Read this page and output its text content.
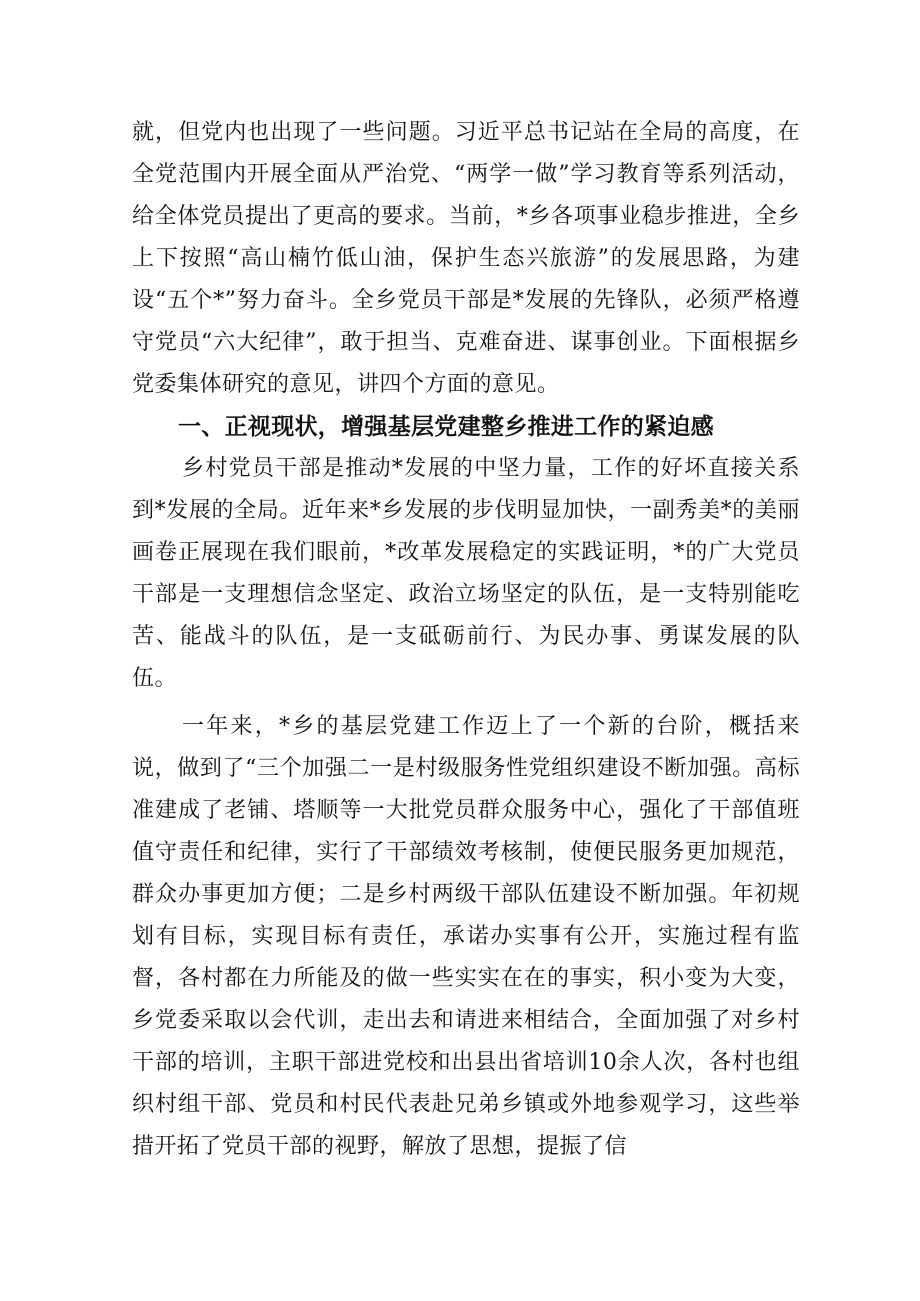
就，但党内也出现了一些问题。习近平总书记站在全局的高度，在全党范围内开展全面从严治党、“两学一做”学习教育等系列活动，给全体党员提出了更高的要求。当前，*乡各项事业稳步推进，全乡上下按照“高山楠竹低山油，保护生态兴旅游”的发展思路，为建设“五个*”努力奋斗。全乡党员干部是*发展的先锋队，必须严格遵守党员“六大纪律”，敢于担当、克难奋进、谋事创业。下面根据乡党委集体研究的意见，讲四个方面的意见。

一、正视现状，增强基层党建整乡推进工作的紧迫感

乡村党员干部是推动*发展的中坚力量，工作的好坏直接关系到*发展的全局。近年来*乡发展的步伐明显加快，一副秀美*的美丽画卷正展现在我们眼前，*改革发展稳定的实践证明，*的广大党员干部是一支理想信念坚定、政治立场坚定的队伍，是一支特别能吃苦、能战斗的队伍，是一支砥砺前行、为民办事、勇谋发展的队伍。

一年来，*乡的基层党建工作迈上了一个新的台阶，概括来说，做到了“三个加强二一是村级服务性党组织建设不断加强。高标准建成了老铺、塔顺等一大批党员群众服务中心，强化了干部值班值守责任和纪律，实行了干部绩效考核制，使便民服务更加规范，群众办事更加方便；二是乡村两级干部队伍建设不断加强。年初规划有目标，实现目标有责任，承诺办实事有公开，实施过程有监督，各村都在力所能及的做一些实实在在的事实，积小变为大变，乡党委采取以会代训，走出去和请进来相结合，全面加强了对乡村干部的培训，主职干部进党校和出县出省培训10余人次，各村也组织村组干部、党员和村民代表赴兄弟乡镇或外地参观学习，这些举措开拓了党员干部的视野，解放了思想，提振了信
